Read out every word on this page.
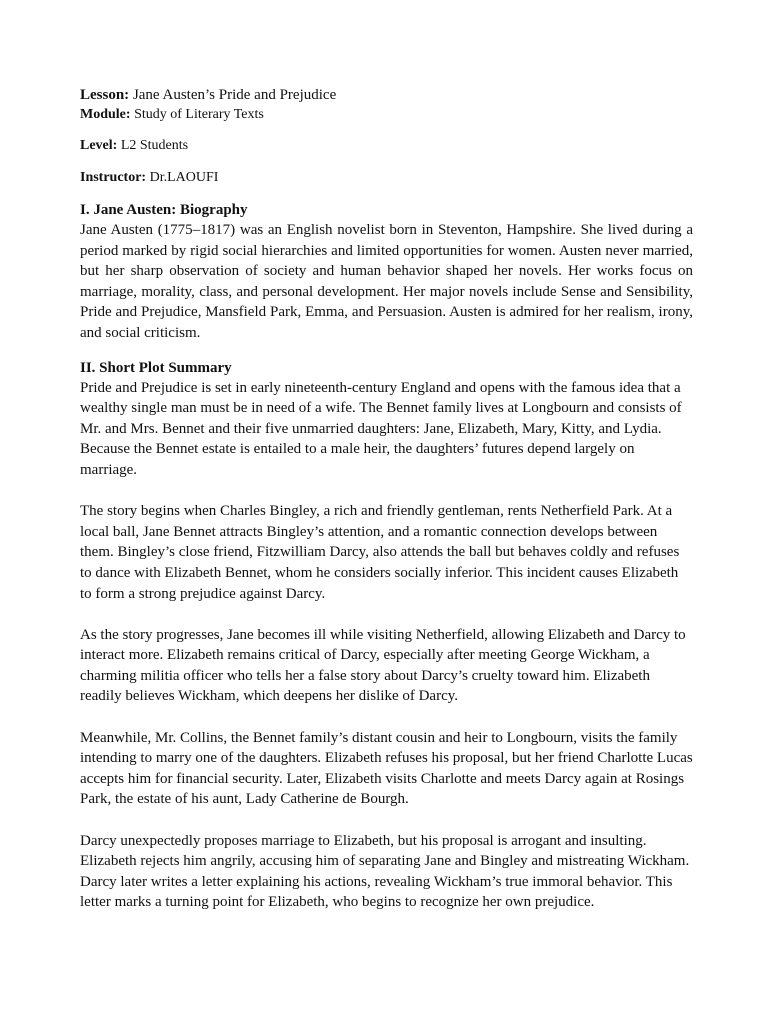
Lesson: Jane Austen’s Pride and Prejudice

Module: Study of Literary Texts

Level: L2 Students

Instructor: Dr.LAOUFI

I. Jane Austen: Biography

Jane Austen (1775–1817) was an English novelist born in Steventon, Hampshire. She lived during a period marked by rigid social hierarchies and limited opportunities for women. Austen never married, but her sharp observation of society and human behavior shaped her novels. Her works focus on marriage, morality, class, and personal development. Her major novels include Sense and Sensibility, Pride and Prejudice, Mansfield Park, Emma, and Persuasion. Austen is admired for her realism, irony, and social criticism.

II. Short Plot Summary

Pride and Prejudice is set in early nineteenth-century England and opens with the famous idea that a wealthy single man must be in need of a wife. The Bennet family lives at Longbourn and consists of Mr. and Mrs. Bennet and their five unmarried daughters: Jane, Elizabeth, Mary, Kitty, and Lydia. Because the Bennet estate is entailed to a male heir, the daughters’ futures depend largely on marriage.

The story begins when Charles Bingley, a rich and friendly gentleman, rents Netherfield Park. At a local ball, Jane Bennet attracts Bingley’s attention, and a romantic connection develops between them. Bingley’s close friend, Fitzwilliam Darcy, also attends the ball but behaves coldly and refuses to dance with Elizabeth Bennet, whom he considers socially inferior. This incident causes Elizabeth to form a strong prejudice against Darcy.

As the story progresses, Jane becomes ill while visiting Netherfield, allowing Elizabeth and Darcy to interact more. Elizabeth remains critical of Darcy, especially after meeting George Wickham, a charming militia officer who tells her a false story about Darcy’s cruelty toward him. Elizabeth readily believes Wickham, which deepens her dislike of Darcy.

Meanwhile, Mr. Collins, the Bennet family’s distant cousin and heir to Longbourn, visits the family intending to marry one of the daughters. Elizabeth refuses his proposal, but her friend Charlotte Lucas accepts him for financial security. Later, Elizabeth visits Charlotte and meets Darcy again at Rosings Park, the estate of his aunt, Lady Catherine de Bourgh.

Darcy unexpectedly proposes marriage to Elizabeth, but his proposal is arrogant and insulting. Elizabeth rejects him angrily, accusing him of separating Jane and Bingley and mistreating Wickham. Darcy later writes a letter explaining his actions, revealing Wickham’s true immoral behavior. This letter marks a turning point for Elizabeth, who begins to recognize her own prejudice.
